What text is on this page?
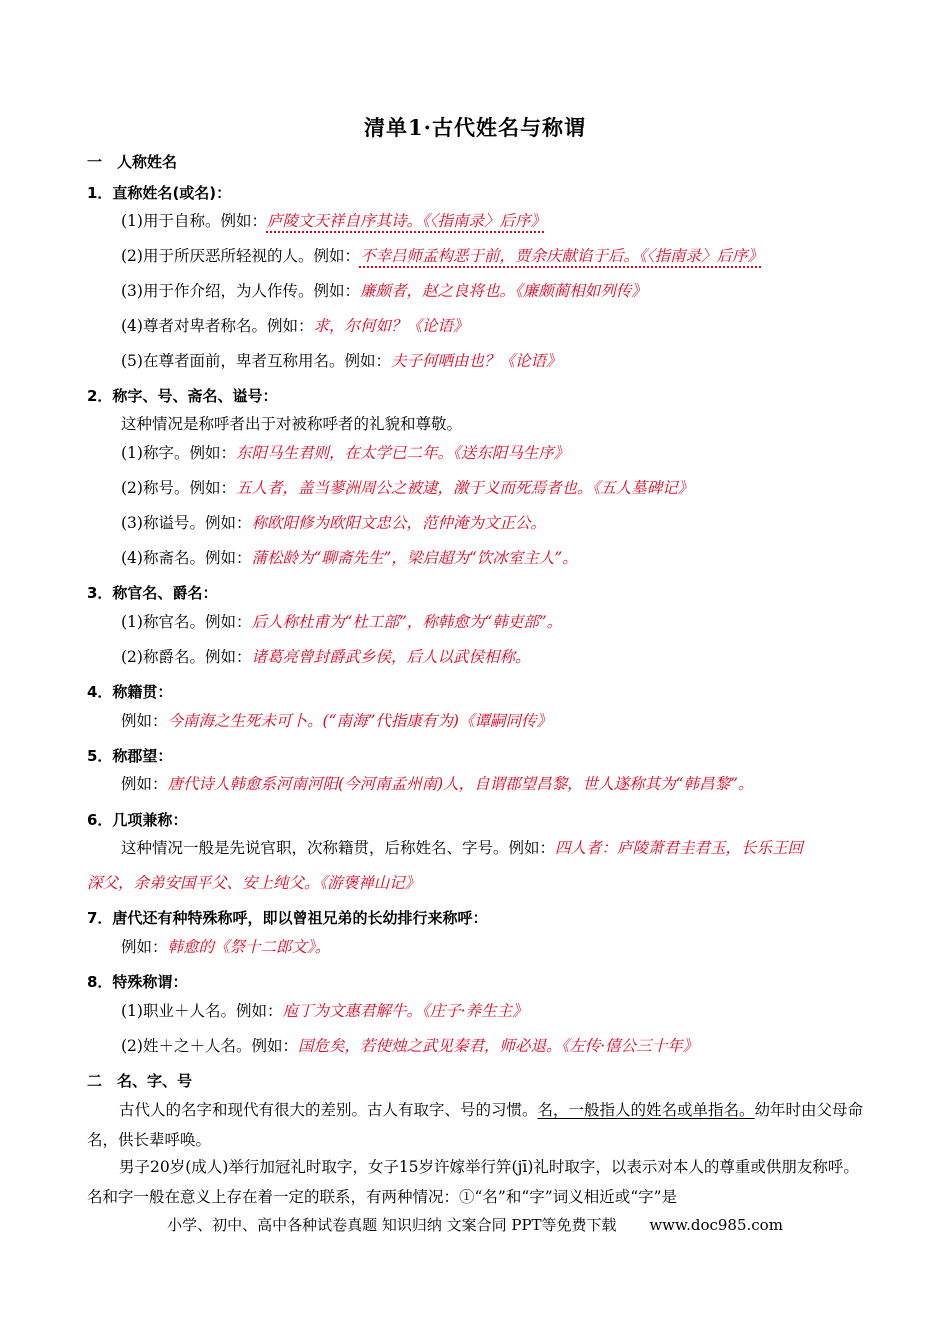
清单1·古代姓名与称谓
一　人称姓名
1．直称姓名(或名)：
(1)用于自称。例如：庐陵文天祥自序其诗。《〈指南录〉后序》
(2)用于所厌恶所轻视的人。例如：不幸吕师孟构恶于前，贾余庆献谄于后。《〈指南录〉后序》
(3)用于作介绍，为人作传。例如：廉颇者，赵之良将也。《廉颇蔺相如列传》
(4)尊者对卑者称名。例如：求，尔何如？《论语》
(5)在尊者面前，卑者互称用名。例如：夫子何哂由也？《论语》
2．称字、号、斋名、谥号：
这种情况是称呼者出于对被称呼者的礼貌和尊敬。
(1)称字。例如：东阳马生君则，在太学已二年。《送东阳马生序》
(2)称号。例如：五人者，盖当蓼洲周公之被逮，激于义而死焉者也。《五人墓碑记》
(3)称谥号。例如：称欧阳修为欧阳文忠公，范仲淹为文正公。
(4)称斋名。例如：蒲松龄为“聊斋先生”，梁启超为“饮冰室主人”。
3．称官名、爵名：
(1)称官名。例如：后人称杜甫为“杜工部”，称韩愈为“韩吏部”。
(2)称爵名。例如：诸葛亮曾封爵武乡侯，后人以武侯相称。
4．称籍贯：
例如：今南海之生死未可卜。(“南海”代指康有为)《谭嗣同传》
5．称郡望：
例如：唐代诗人韩愈系河南河阳(今河南孟州南)人，自谓郡望昌黎，世人遂称其为“韩昌黎”。
6．几项兼称：
这种情况一般是先说官职，次称籍贯，后称姓名、字号。例如：四人者：庐陵萧君圭君玉，长乐王回
深父，余弟安国平父、安上纯父。《游褒禅山记》
7．唐代还有种特殊称呼，即以曾祖兄弟的长幼排行来称呼：
例如：韩愈的《祭十二郎文》。
8．特殊称谓：
(1)职业＋人名。例如：庖丁为文惠君解牛。《庄子·养生主》
(2)姓＋之＋人名。例如：国危矣，若使烛之武见秦君，师必退。《左传·僖公三十年》
二　名、字、号
古代人的名字和现代有很大的差别。古人有取字、号的习惯。名，一般指人的姓名或单指名。幼年时由父母命名，供长辈呼唤。
男子20岁(成人)举行加冠礼时取字，女子15岁许嫁举行笄(jī)礼时取字，以表示对本人的尊重或供朋友称呼。名和字一般在意义上存在着一定的联系，有两种情况：①“名”和“字”词义相近或“字”是
小学、初中、高中各种试卷真题 知识归纳 文案合同 PPT等免费下载 www.doc985.com
